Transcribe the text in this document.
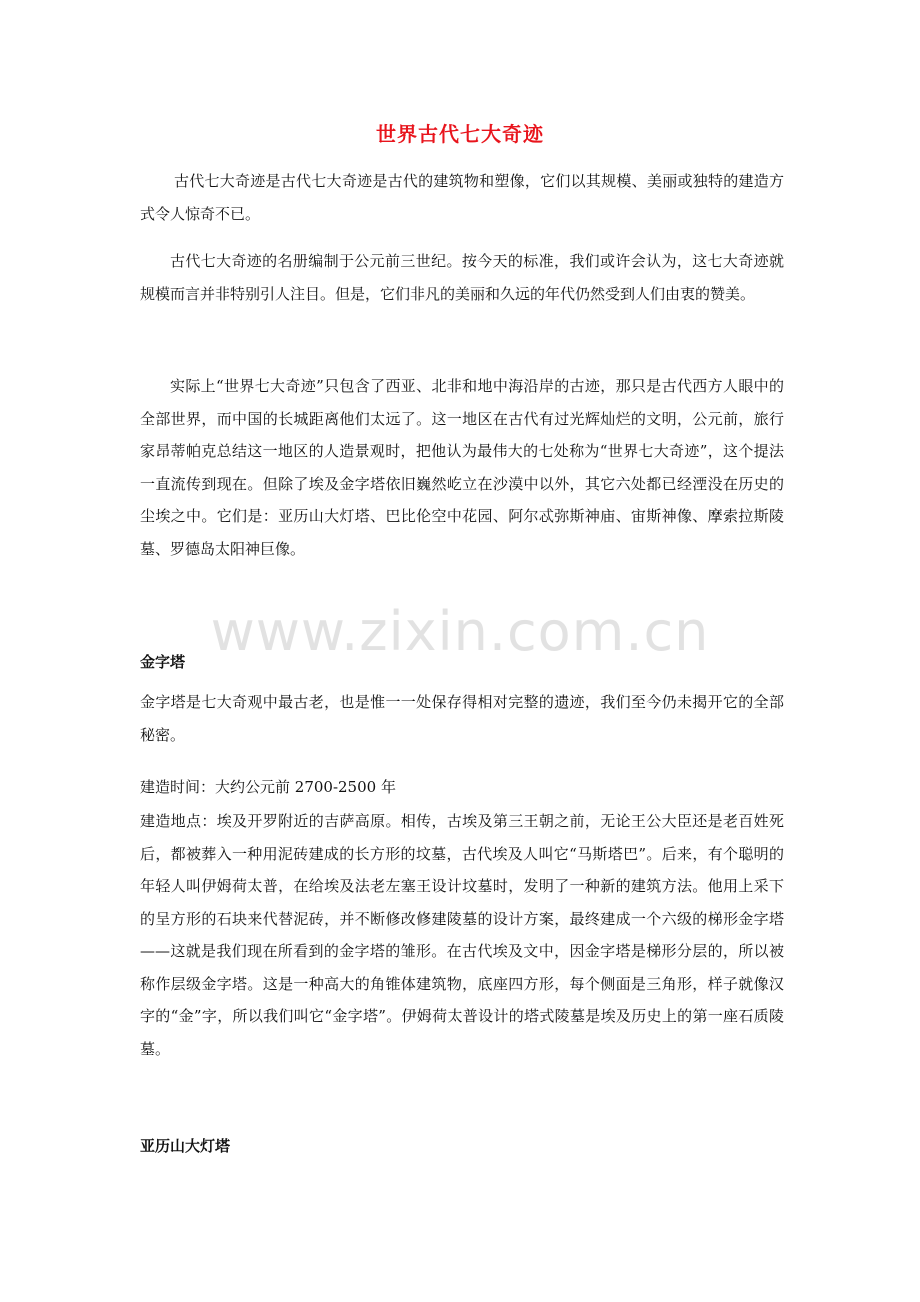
世界古代七大奇迹

古代七大奇迹是古代七大奇迹是古代的建筑物和塑像，它们以其规模、美丽或独特的建造方式令人惊奇不已。

古代七大奇迹的名册编制于公元前三世纪。按今天的标准，我们或许会认为，这七大奇迹就规模而言并非特别引人注目。但是，它们非凡的美丽和久远的年代仍然受到人们由衷的赞美。

实际上“世界七大奇迹”只包含了西亚、北非和地中海沿岸的古迹，那只是古代西方人眼中的全部世界，而中国的长城距离他们太远了。这一地区在古代有过光辉灿烂的文明，公元前，旅行家昂蒂帕克总结这一地区的人造景观时，把他认为最伟大的七处称为“世界七大奇迹”，这个提法一直流传到现在。但除了埃及金字塔依旧巍然屹立在沙漠中以外，其它六处都已经湮没在历史的尘埃之中。它们是：亚历山大灯塔、巴比伦空中花园、阿尔忒弥斯神庙、宙斯神像、摩索拉斯陵墓、罗德岛太阳神巨像。

www.zixin.com.cn

金字塔

金字塔是七大奇观中最古老，也是惟一一处保存得相对完整的遗迹，我们至今仍未揭开它的全部秘密。

建造时间：大约公元前 2700-2500 年

建造地点：埃及开罗附近的吉萨高原。相传，古埃及第三王朝之前，无论王公大臣还是老百姓死后，都被葬入一种用泥砖建成的长方形的坟墓，古代埃及人叫它“马斯塔巴”。后来，有个聪明的年轻人叫伊姆荷太普，在给埃及法老左塞王设计坟墓时，发明了一种新的建筑方法。他用上采下的呈方形的石块来代替泥砖，并不断修改修建陵墓的设计方案，最终建成一个六级的梯形金字塔——这就是我们现在所看到的金字塔的雏形。在古代埃及文中，因金字塔是梯形分层的，所以被称作层级金字塔。这是一种高大的角锥体建筑物，底座四方形，每个侧面是三角形，样子就像汉字的“金”字，所以我们叫它“金字塔”。伊姆荷太普设计的塔式陵墓是埃及历史上的第一座石质陵墓。

亚历山大灯塔
